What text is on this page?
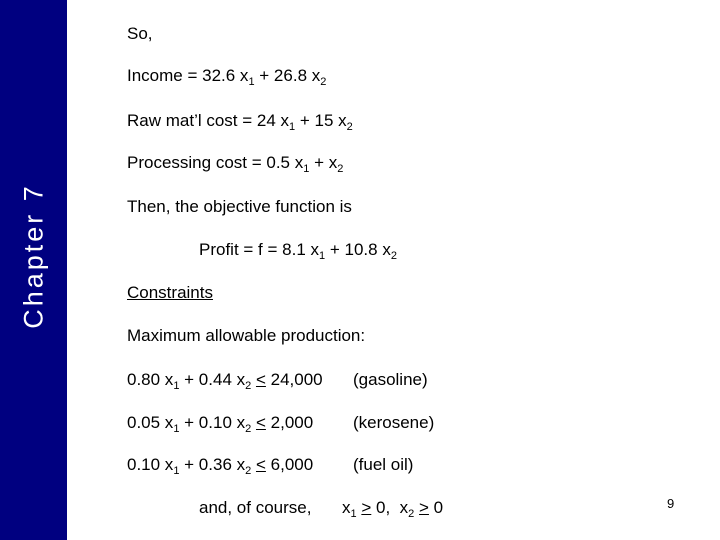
Chapter 7
So,
Income = 32.6 $x_1 + 26.8$ $x_2$
Raw mat’l cost = 24 $x_1 + 15$ $x_2$
Processing cost = 0.5 $x_1 + x_2$
Then, the objective function is
Profit = f = 8.1 $x_1 + 10.8$ $x_2$
Constraints
Maximum allowable production:
0.80 $x_1 + 0.44$ $x_2 < 24,000$ (gasoline)
0.05 $x_1 + 0.10$ $x_2 < 2,000$ (kerosene)
0.10 $x_1 + 0.36$ $x_2 < 6,000$ (fuel oil)
and, of course, $x_1 > 0$, $x_2 > 0$	9
